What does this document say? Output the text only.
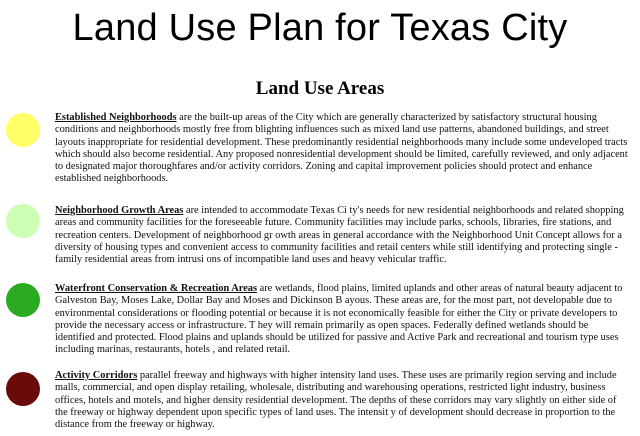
Land Use Plan for Texas City
Land Use Areas
Established Neighborhoods are the built-up areas of the City which are generally characterized by satisfactory structural housing conditions and neighborhoods mostly free from blighting influences such as mixed land use patterns, abandoned buildings, and street layouts inappropriate for residential development. These predominantly residential neighborhoods many include some undeveloped tracts which should also become residential. Any proposed nonresidential development should be limited, carefully reviewed, and only adjacent to designated major thoroughfares and/or activity corridors. Zoning and capital improvement policies should protect and enhance established neighborhoods.
Neighborhood Growth Areas are intended to accommodate Texas Ci ty's needs for new residential neighborhoods and related shopping areas and community facilities for the foreseeable future. Community facilities may include parks, schools, libraries, fire stations, and recreation centers. Development of neighborhood gr owth areas in general accordance with the Neighborhood Unit Concept allows for a diversity of housing types and convenient access to community facilities and retail centers while still identifying and protecting single -family residential areas from intrusi ons of incompatible land uses and heavy vehicular traffic.
Waterfront Conservation & Recreation Areas are wetlands, flood plains, limited uplands and other areas of natural beauty adjacent to Galveston Bay, Moses Lake, Dollar Bay and Moses and Dickinson B ayous. These areas are, for the most part, not developable due to environmental considerations or flooding potential or because it is not economically feasible for either the City or private developers to provide the necessary access or infrastructure. T hey will remain primarily as open spaces. Federally defined wetlands should be identified and protected. Flood plains and uplands should be utilized for passive and Active Park and recreational and tourism type uses including marinas, restaurants, hotels , and related retail.
Activity Corridors parallel freeway and highways with higher intensity land uses. These uses are primarily region serving and include malls, commercial, and open display retailing, wholesale, distributing and warehousing operations, restricted light industry, business offices, hotels and motels, and higher density residential development. The depths of these corridors may vary slightly on either side of the freeway or highway dependent upon specific types of land uses. The intensit y of development should decrease in proportion to the distance from the freeway or highway.
